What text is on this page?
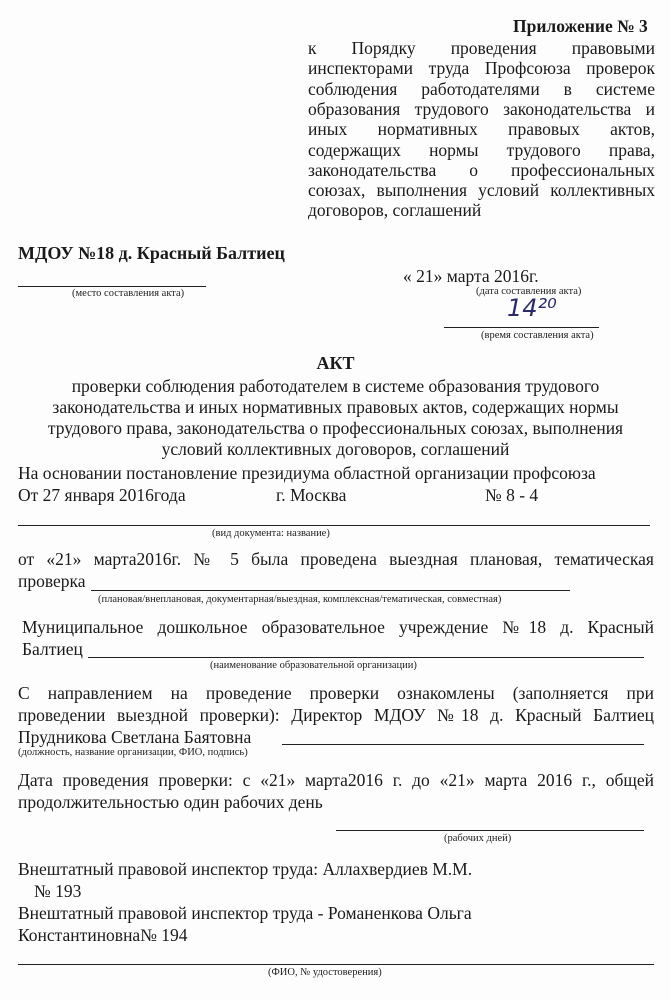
Приложение № 3
к Порядку проведения правовыми
инспекторами труда Профсоюза проверок
соблюдения работодателями в системе
образования трудового законодательства и
иных нормативных правовых актов,
содержащих нормы трудового права,
законодательства о профессиональных
союзах, выполнения условий коллективных
договоров, соглашений
МДОУ №18 д. Красный Балтиец
(место составления акта)
« 21» марта 2016г.
(дата составления акта)
14²⁰
(время составления акта)
АКТ
проверки соблюдения работодателем в системе образования трудового
законодательства и иных нормативных правовых актов, содержащих нормы
трудового права, законодательства о профессиональных союзах, выполнения
условий коллективных договоров, соглашений
На основании постановление президиума областной организации профсоюза
От 27 января 2016года	г. Москва	№ 8 - 4
(вид документа: название)
от «21» марта2016г. № 5 была проведена выездная плановая, тематическая
проверка
(плановая/внеплановая, документарная/выездная, комплексная/тематическая, совместная)
Муниципальное дошкольное образовательное учреждение №18 д. Красный
Балтиец
(наименование образовательной организации)
С направлением на проведение проверки ознакомлены (заполняется при
проведении выездной проверки): Директор МДОУ №18 д. Красный Балтиец
Прудникова Светлана Баятовна
(должность, название организации, ФИО, подпись)
Дата проведения проверки: с «21» марта2016 г. до «21» марта 2016 г., общей
продолжительностью один рабочих день
(рабочих дней)
Внештатный правовой инспектор труда: Аллахвердиев М.М.
№ 193
Внештатный правовой инспектор труда - Романенкова Ольга
Константиновна№ 194
(ФИО, № удостоверения)
